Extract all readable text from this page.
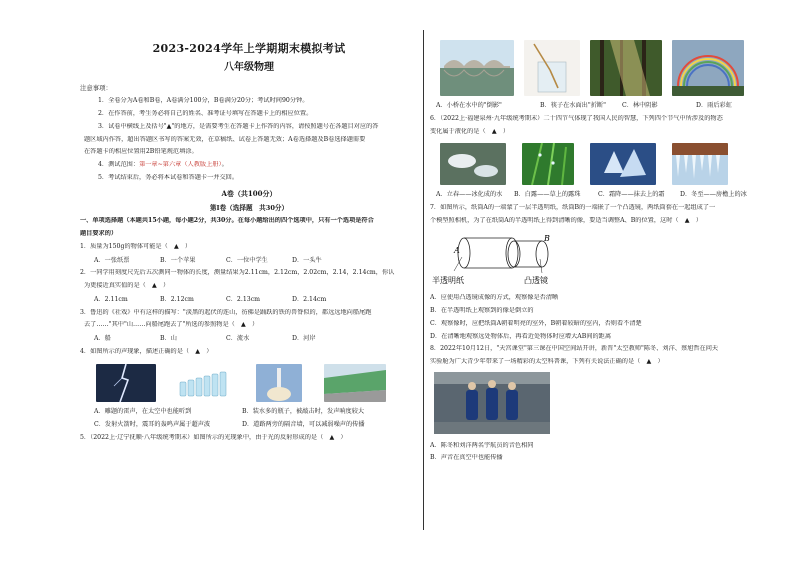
2023-2024学年上学期期末模拟考试
八年级物理
注意事项：
1．全卷分为A卷和B卷，A卷满分100分，B卷满分20分；考试时间90分钟。
2．在作答前，考生务必将自己的姓名、准考证号填写在答题卡上的相应位置。
3．试卷中横线上及括号"▲"的地方，是需要考生在答题卡上作答的内容，请按照题号在各题目对应的答
题区域内作答，超出答题区书写的答案无效，在草稿纸、试卷上答题无效；A卷选择题及B卷选择题需要
在答题卡的相应位置用2B铅笔规范填涂。
4．测试范围：第一章~第六章（人教版上册）。
5．考试结束后，务必将本试卷和答题卡一并交回。
A卷（共100分）
第Ⅰ卷（选择题　共30分）
一、单项选择题（本题共15小题，每小题2分，共30分。在每小题给出的四个选项中，只有一个选项是符合
题目要求的）
1．质量为150g的物体可能是（　▲　）
A．一张纸票	B．一个苹果	C．一位中学生	D．一头牛
2．一同学用刻度尺先后五次测同一物体的长度，测量结果为2.11cm，2.12cm，2.02cm，2.14，2.14cm，你认
为更接近真实值的是（　▲　）
A．2.11cm	B．2.12cm	C．2.13cm	D．2.14cm
3．鲁迅的《社戏》中有这样的描写："淡黑的起伏的连山，彷佛是踊跃的铁的兽脊似的，都远远地向船尾跑
去了……"其中"山……向船尾跑去了"所选的参照物是（　▲　）
A．船	B．山	C．流水	D．河岸
4．如图所示的声现象，描述正确的是（　▲　）
A．雕题的雷声，在太空中也能听到	B．装水多的瓶子，被敲击时，发声响度较大
C．发射火箭时，震耳的轰鸣声属于超声波	D．道路两旁的隔音墙，可以减弱噪声的传播
5．（2022上·辽宁抚顺·八年级统考期末）如图所示的光现象中，由于光的反射形成的是（　▲　）
A．小桥在水中的"倒影"	B．筷子在水面出"折断"	C．林中阴影	D．雨后彩虹
6．（2022上·福建泉州·九年级统考期末）二十四节气体现了我国人民的智慧，下列四个节气中所涉及的物态
变化属于液化的是（　▲　）
A．立春——冰化成的水	B．白露——草上的露珠	C．霜降——抹去上的霜	D．冬至——房檐上的冰
7．如图所示，纸筒A的一端蒙了一层半透明纸，纸筒B的一端嵌了一个凸透镜，两纸筒套在一起组成了一
个模型照相机，为了在纸筒A的半透明纸上得到清晰的像，要适当调整A、B的位置，这时（　▲　）
A
B
半透明纸	凸透镜
A．应使用凸透镜成像的方式，观察像是否清晰
B．在半透明纸上观察到的像是倒立的
C．观察像时，应把纸筒A朝着明亮的室外，B朝着较暗的室内，否则看不清楚
D．在清晰地观察远处物体后，再看近处物体时应增大AB间的距离
8．2022年10月12日，"天宫课堂"第三课在中国空间站开讲，新晋"太空教师"陈冬、刘洋、蔡旭哲在问天
实验舱为广大青少年带来了一场精彩的太空科普课，下列有关说法正确的是（　▲　）
A．陈冬和刘洋两名宇航员的音色相同
B．声音在真空中也能传播
